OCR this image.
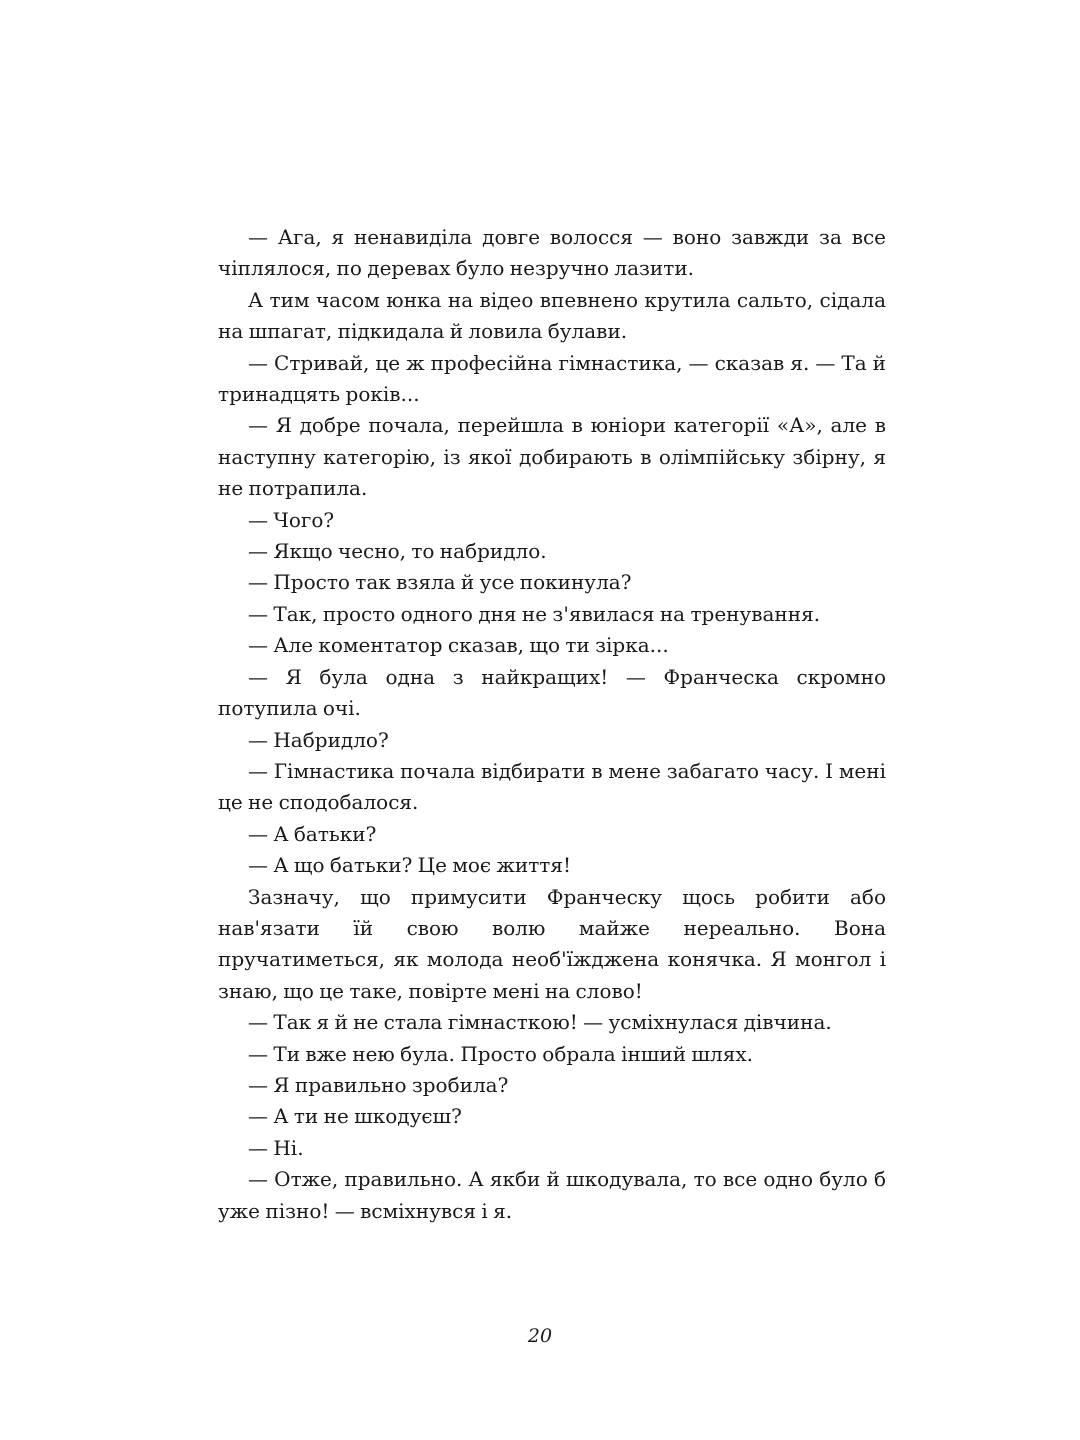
— Ага, я ненавиділа довге волосся — воно завжди за все чіплялося, по деревах було незручно лазити.

А тим часом юнка на відео впевнено крутила сальто, сідала на шпагат, підкидала й ловила булави.

— Стривай, це ж професійна гімнастика, — сказав я. — Та й тринадцять років...

— Я добре почала, перейшла в юніори категорії «А», але в наступну категорію, із якої добирають в олімпійську збірну, я не потрапила.

— Чого?

— Якщо чесно, то набридло.

— Просто так взяла й усе покинула?

— Так, просто одного дня не з'явилася на тренування.

— Але коментатор сказав, що ти зірка...

— Я була одна з найкращих! — Франческа скромно потупила очі.

— Набридло?

— Гімнастика почала відбирати в мене забагато часу. І мені це не сподобалося.

— А батьки?

— А що батьки? Це моє життя!

Зазначу, що примусити Франческу щось робити або нав'язати їй свою волю майже нереально. Вона пручатиметься, як молода необ'їжджена конячка. Я монгол і знаю, що це таке, повірте мені на слово!

— Так я й не стала гімнасткою! — усміхнулася дівчина.

— Ти вже нею була. Просто обрала інший шлях.

— Я правильно зробила?

— А ти не шкодуєш?

— Ні.

— Отже, правильно. А якби й шкодувала, то все одно було б уже пізно! — всміхнувся і я.

20
